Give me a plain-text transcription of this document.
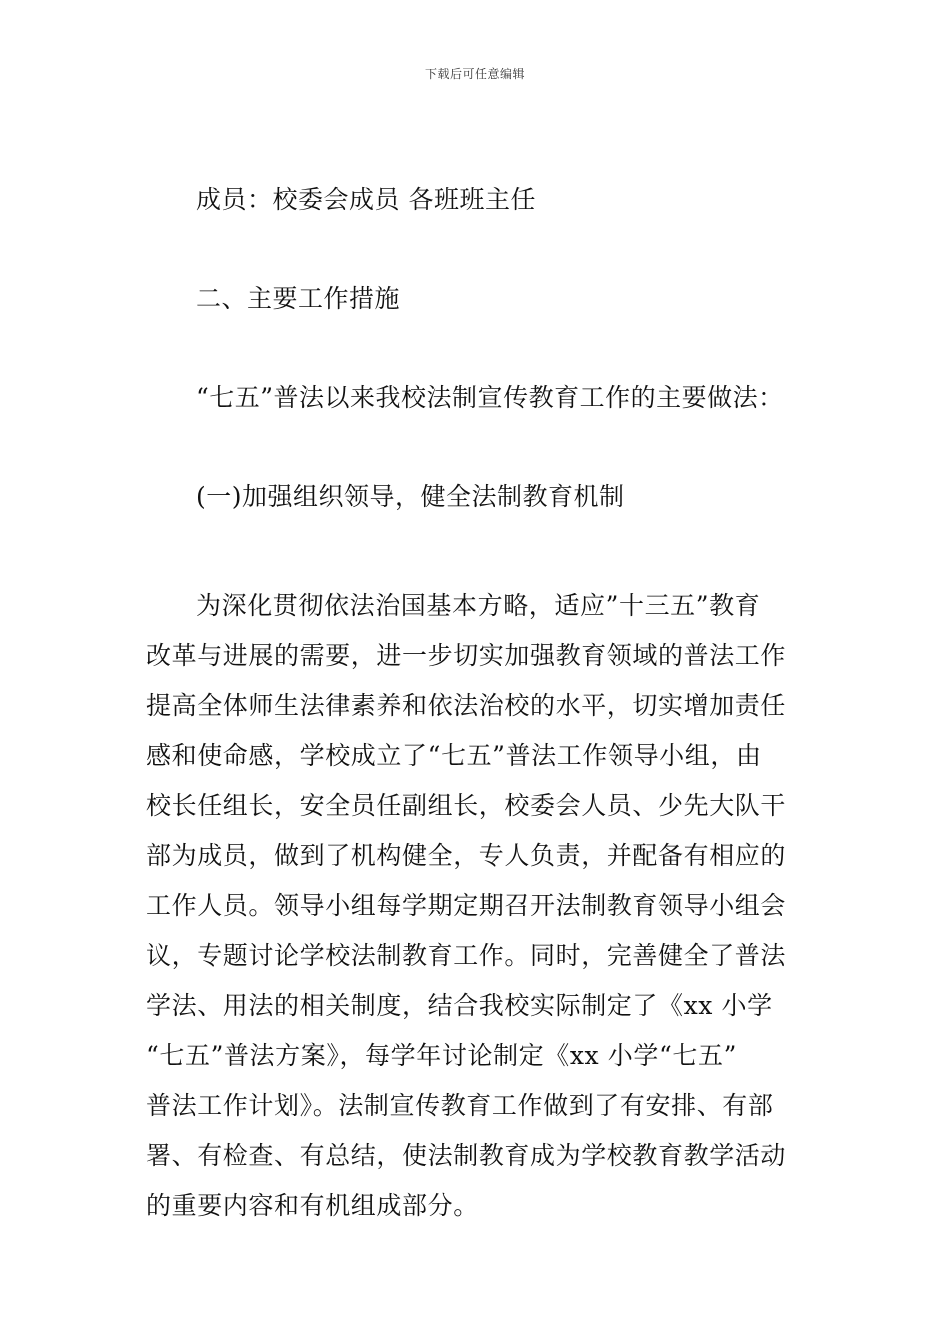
下载后可任意编辑
成员：校委会成员 各班班主任
二、主要工作措施
“七五”普法以来我校法制宣传教育工作的主要做法：
(一)加强组织领导，健全法制教育机制
为深化贯彻依法治国基本方略，适应”十三五”教育
改革与进展的需要，进一步切实加强教育领域的普法工作
提高全体师生法律素养和依法治校的水平，切实增加责任
感和使命感，学校成立了“七五”普法工作领导小组，由
校长任组长，安全员任副组长，校委会人员、少先大队干
部为成员，做到了机构健全，专人负责，并配备有相应的
工作人员。领导小组每学期定期召开法制教育领导小组会
议，专题讨论学校法制教育工作。同时，完善健全了普法
学法、用法的相关制度，结合我校实际制定了《xx 小学
“七五”普法方案》，每学年讨论制定《xx 小学“七五”
普法工作计划》。法制宣传教育工作做到了有安排、有部
署、有检查、有总结，使法制教育成为学校教育教学活动
的重要内容和有机组成部分。
